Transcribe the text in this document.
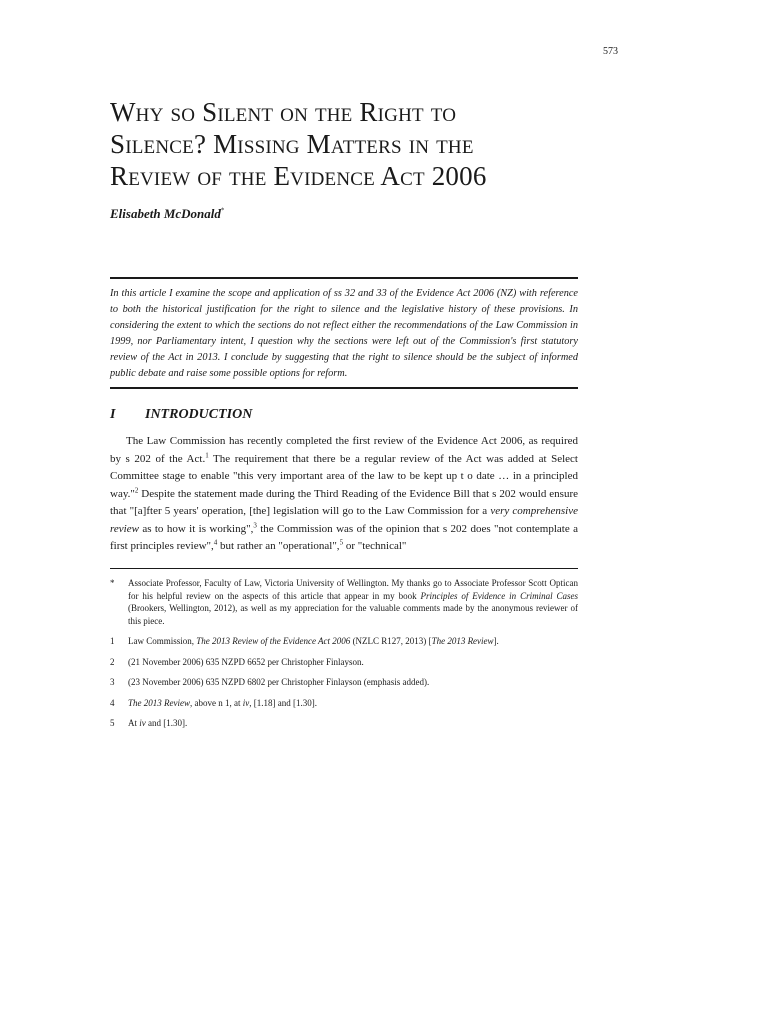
573
Why so Silent on the Right to
Silence? Missing Matters in the
Review of the Evidence Act 2006
Elisabeth McDonald*

In this article I examine the scope and application of ss 32 and 33 of the Evidence Act 2006 (NZ) with reference to both the historical justification for the right to silence and the legislative history of these provisions. In considering the extent to which the sections do not reflect either the recommendations of the Law Commission in 1999, nor Parliamentary intent, I question why the sections were left out of the Commission's first statutory review of the Act in 2013. I conclude by suggesting that the right to silence should be the subject of informed public debate and raise some possible options for reform.

I INTRODUCTION

The Law Commission has recently completed the first review of the Evidence Act 2006, as required by s 202 of the Act.$^1$ The requirement that there be a regular review of the Act was added at Select Committee stage to enable "this very important area of the law to be kept up t o date … in a principled way."$^2$ Despite the statement made during the Third Reading of the Evidence Bill that s 202 would ensure that "[a]fter 5 years' operation, [the] legislation will go to the Law Commission for a very comprehensive review as to how it is working",$^3$ the Commission was of the opinion that s 202 does "not contemplate a first principles review",$^4$ but rather an "operational",$^5$ or "technical"

* Associate Professor, Faculty of Law, Victoria University of Wellington. My thanks go to Associate Professor Scott Optican for his helpful review on the aspects of this article that appear in my book Principles of Evidence in Criminal Cases (Brookers, Wellington, 2012), as well as my appreciation for the valuable comments made by the anonymous reviewer of this piece.
1 Law Commission, The 2013 Review of the Evidence Act 2006 (NZLC R127, 2013) [The 2013 Review].
2 (21 November 2006) 635 NZPD 6652 per Christopher Finlayson.
3 (23 November 2006) 635 NZPD 6802 per Christopher Finlayson (emphasis added).
4 The 2013 Review, above n 1, at iv, [1.18] and [1.30].
5 At iv and [1.30].
